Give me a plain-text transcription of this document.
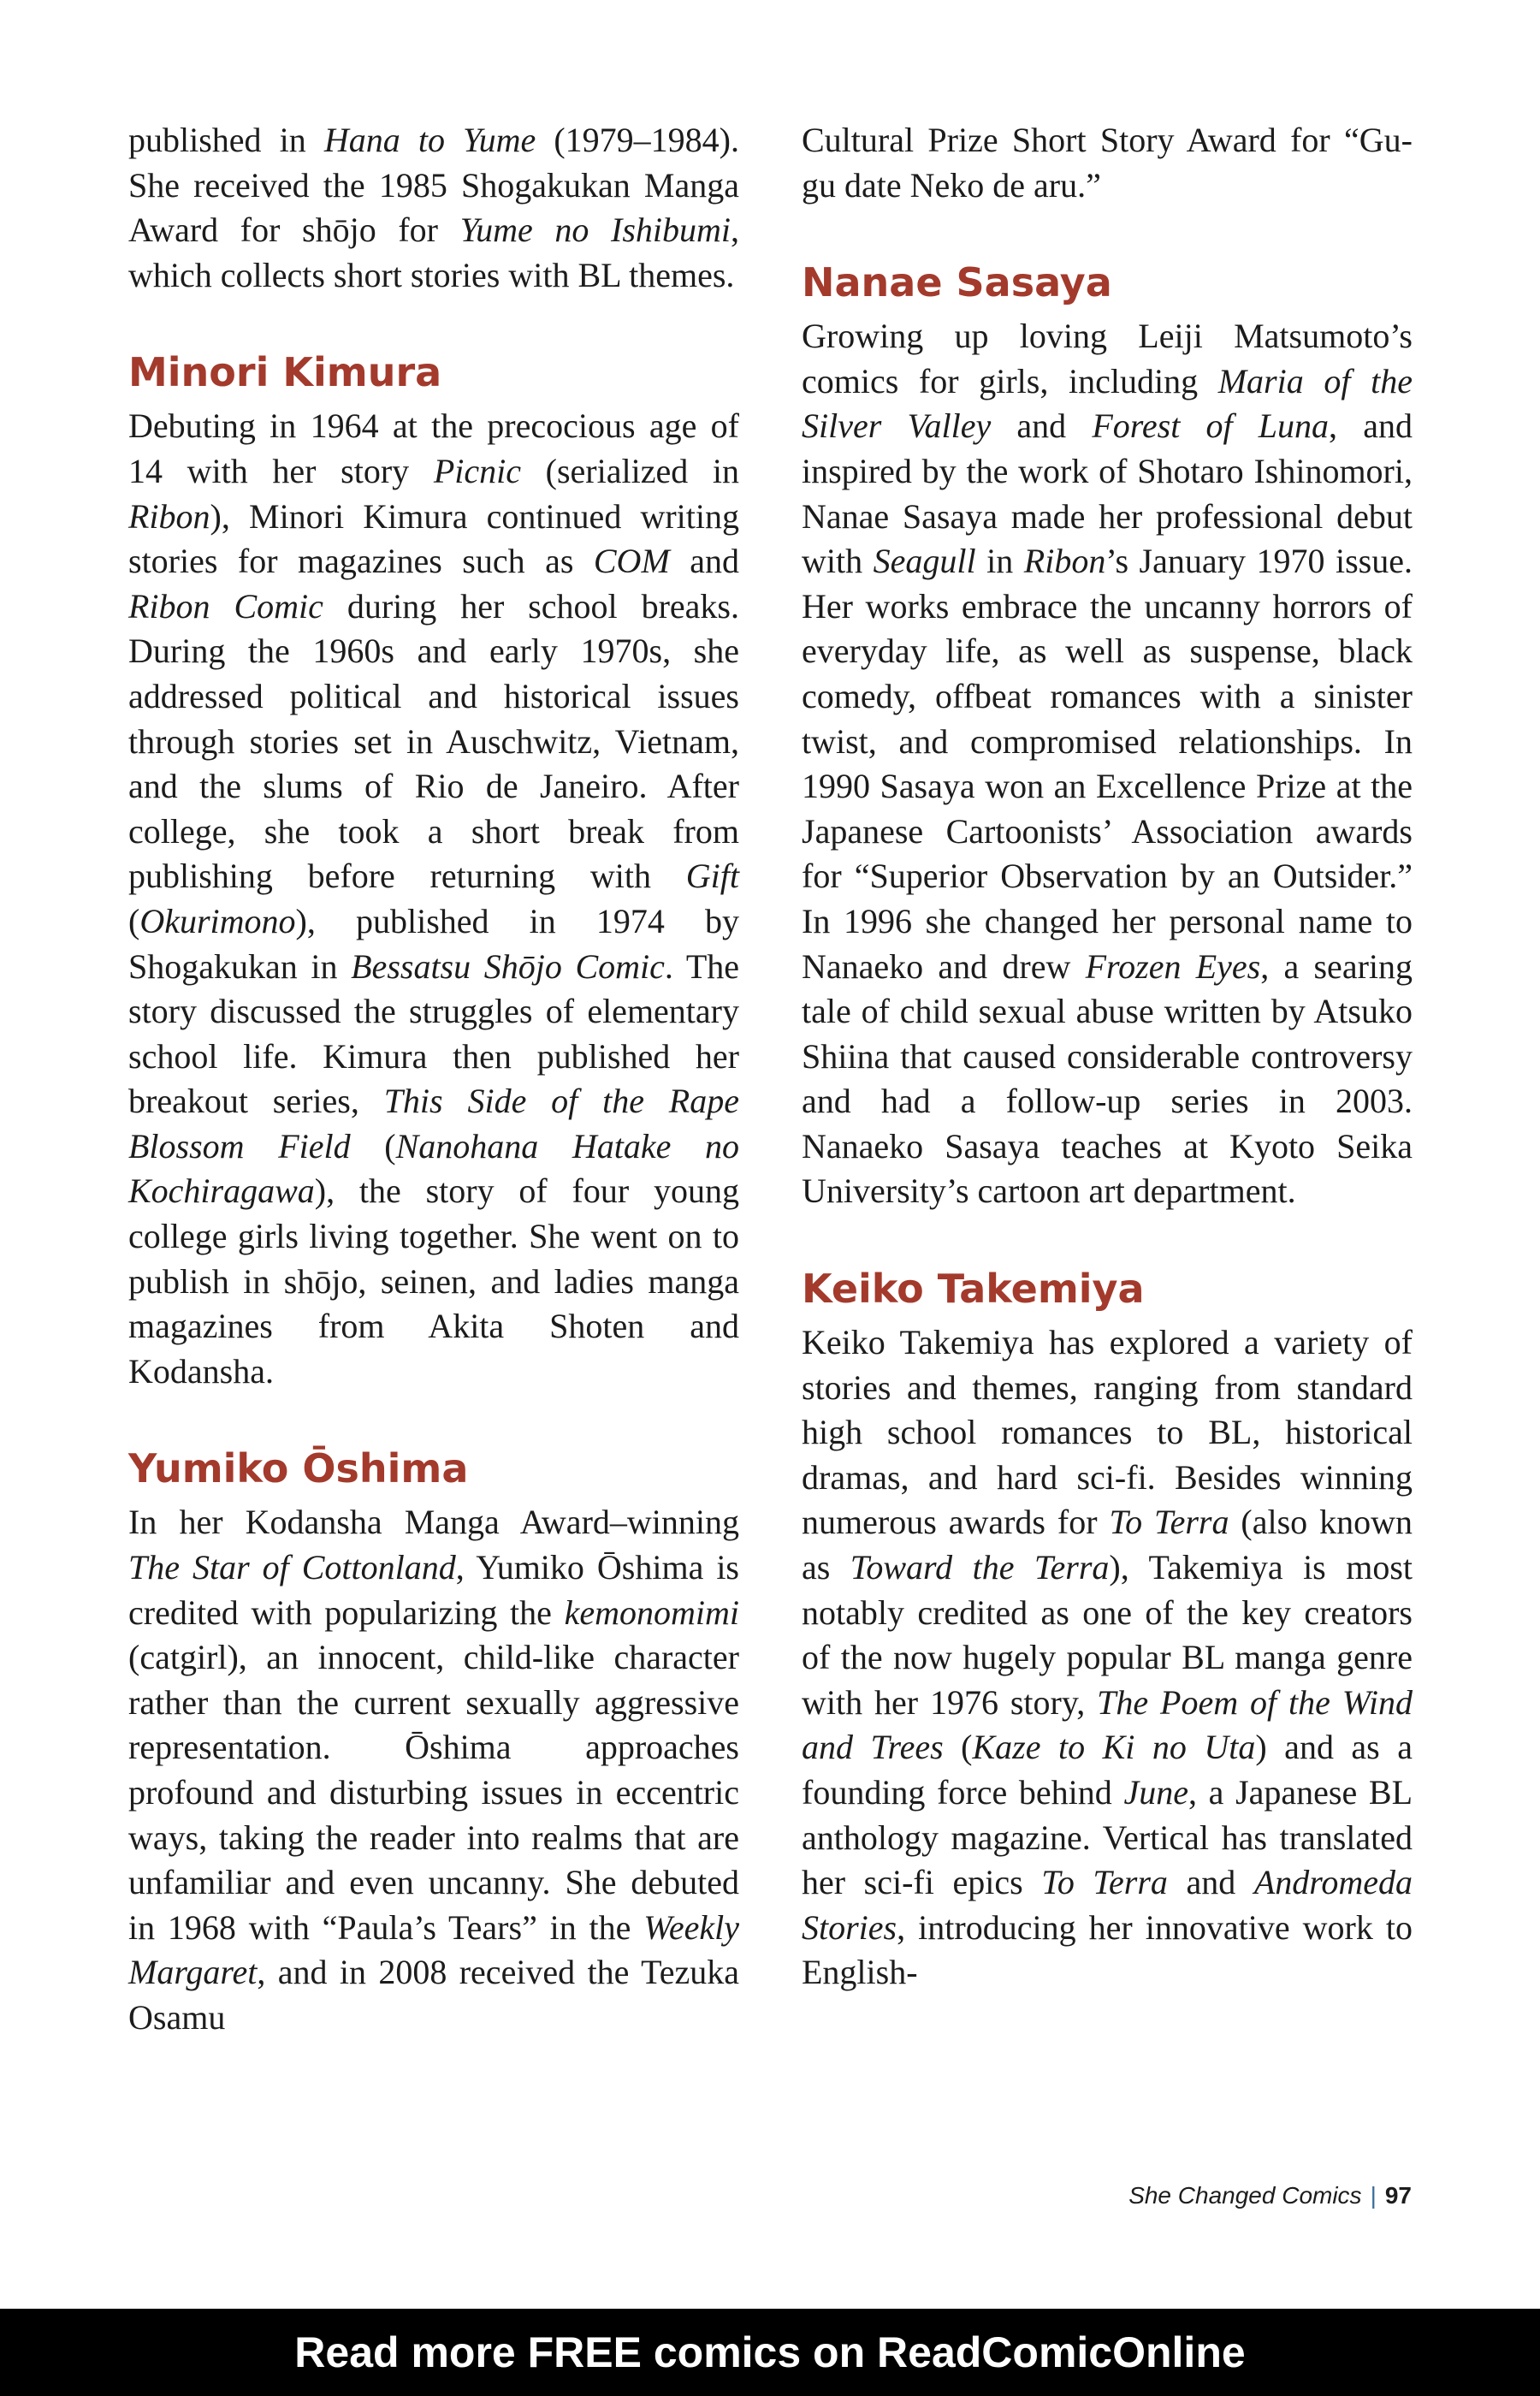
published in Hana to Yume (1979–1984). She received the 1985 Shogakukan Manga Award for shōjo for Yume no Ishibumi, which collects short stories with BL themes.

Minori Kimura

Debuting in 1964 at the precocious age of 14 with her story Picnic (serialized in Ribon), Minori Kimura continued writing stories for magazines such as COM and Ribon Comic during her school breaks. During the 1960s and early 1970s, she addressed political and historical issues through stories set in Auschwitz, Vietnam, and the slums of Rio de Janeiro. After college, she took a short break from publishing before returning with Gift (Okurimono), published in 1974 by Shogakukan in Bessatsu Shōjo Comic. The story discussed the struggles of elementary school life. Kimura then published her breakout series, This Side of the Rape Blossom Field (Nanohana Hatake no Kochiragawa), the story of four young college girls living together. She went on to publish in shōjo, seinen, and ladies manga magazines from Akita Shoten and Kodansha.

Yumiko Ōshima

In her Kodansha Manga Award–winning The Star of Cottonland, Yumiko Ōshima is credited with popularizing the kemonomimi (catgirl), an innocent, child-like character rather than the current sexually aggressive representation. Ōshima approaches profound and disturbing issues in eccentric ways, taking the reader into realms that are unfamiliar and even uncanny. She debuted in 1968 with “Paula’s Tears” in the Weekly Margaret, and in 2008 received the Tezuka Osamu

Cultural Prize Short Story Award for “Gu-gu date Neko de aru.”

Nanae Sasaya

Growing up loving Leiji Matsumoto’s comics for girls, including Maria of the Silver Valley and Forest of Luna, and inspired by the work of Shotaro Ishinomori, Nanae Sasaya made her professional debut with Seagull in Ribon’s January 1970 issue. Her works embrace the uncanny horrors of everyday life, as well as suspense, black comedy, offbeat romances with a sinister twist, and compromised relationships. In 1990 Sasaya won an Excellence Prize at the Japanese Cartoonists’ Association awards for “Superior Observation by an Outsider.” In 1996 she changed her personal name to Nanaeko and drew Frozen Eyes, a searing tale of child sexual abuse written by Atsuko Shiina that caused considerable controversy and had a follow-up series in 2003. Nanaeko Sasaya teaches at Kyoto Seika University’s cartoon art department.

Keiko Takemiya

Keiko Takemiya has explored a variety of stories and themes, ranging from standard high school romances to BL, historical dramas, and hard sci-fi. Besides winning numerous awards for To Terra (also known as Toward the Terra), Takemiya is most notably credited as one of the key creators of the now hugely popular BL manga genre with her 1976 story, The Poem of the Wind and Trees (Kaze to Ki no Uta) and as a founding force behind June, a Japanese BL anthology magazine. Vertical has translated her sci-fi epics To Terra and Andromeda Stories, introducing her innovative work to English-

She Changed Comics | 97
Read more FREE comics on ReadComicOnline
